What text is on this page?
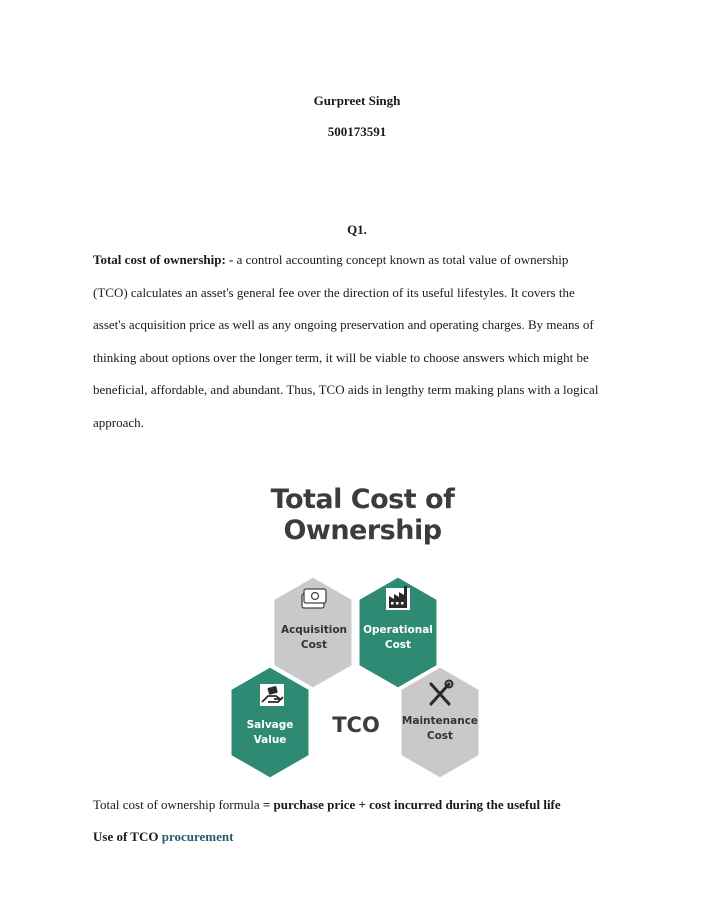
Gurpreet Singh
500173591
Q1.
Total cost of ownership: - a control accounting concept known as total value of ownership
(TCO) calculates an asset's general fee over the direction of its useful lifestyles. It covers the
asset's acquisition price as well as any ongoing preservation and operating charges. By means of
thinking about options over the longer term, it will be viable to choose answers which might be
beneficial, affordable, and abundant. Thus, TCO aids in lengthy term making plans with a logical
approach.
Total Cost of Ownership
Acquisition
Cost
Operational
Cost
Salvage
Value
Maintenance
Cost
TCO
Total cost of ownership formula = purchase price + cost incurred during the useful life
Use of TCO procurement
